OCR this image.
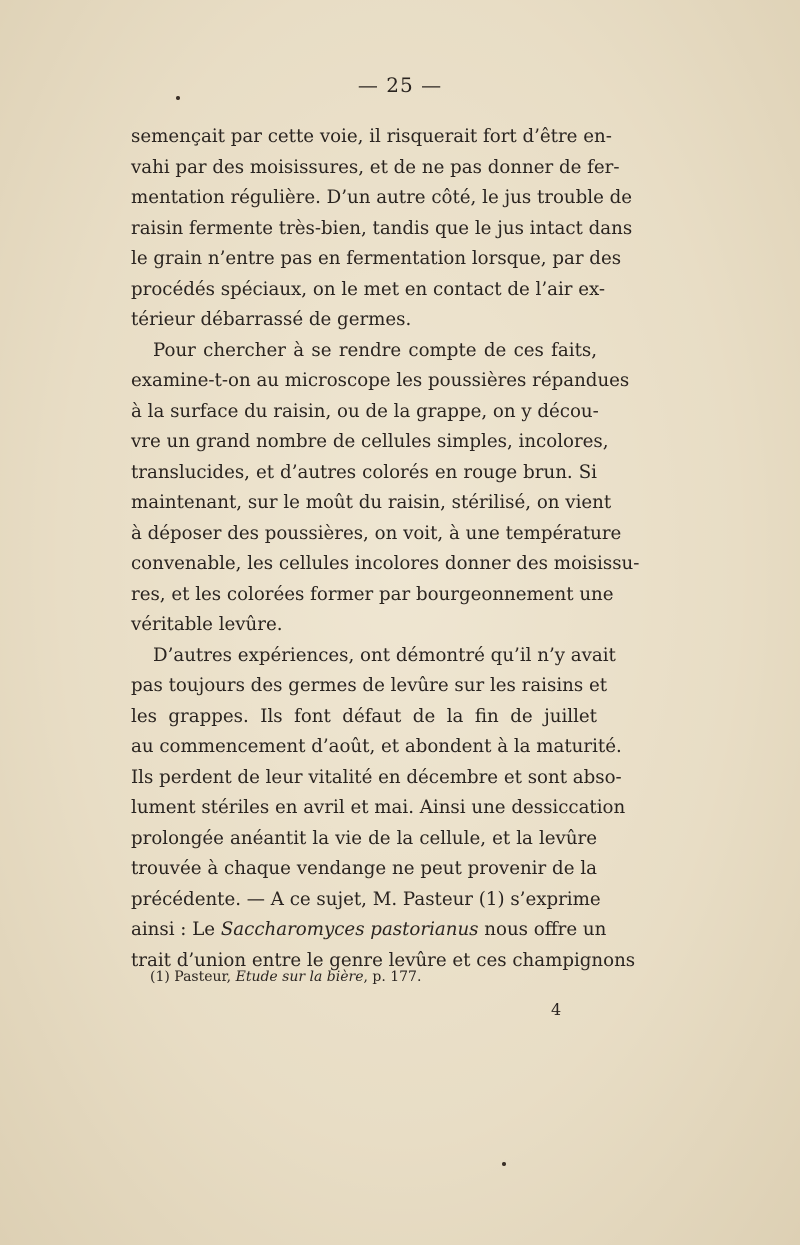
— 25 —
semençait par cette voie, il risquerait fort d’être en-
vahi par des moisissures, et de ne pas donner de fer-
mentation régulière. D’un autre côté, le jus trouble de
raisin fermente très-bien, tandis que le jus intact dans
le grain n’entre pas en fermentation lorsque, par des
procédés spéciaux, on le met en contact de l’air ex-
térieur débarrassé de germes.
Pour chercher à se rendre compte de ces faits,
examine-t-on au microscope les poussières répandues
à la surface du raisin, ou de la grappe, on y décou-
vre un grand nombre de cellules simples, incolores,
translucides, et d’autres colorés en rouge brun. Si
maintenant, sur le moût du raisin, stérilisé, on vient
à déposer des poussières, on voit, à une température
convenable, les cellules incolores donner des moisissu-
res, et les colorées former par bourgeonnement une
véritable levûre.
D’autres expériences, ont démontré qu’il n’y avait
pas toujours des germes de levûre sur les raisins et
les grappes. Ils font défaut de la fin de juillet
au commencement d’août, et abondent à la maturité.
Ils perdent de leur vitalité en décembre et sont abso-
lument stériles en avril et mai. Ainsi une dessiccation
prolongée anéantit la vie de la cellule, et la levûre
trouvée à chaque vendange ne peut provenir de la
précédente. — A ce sujet, M. Pasteur (1) s’exprime
ainsi : Le Saccharomyces pastorianus nous offre un
trait d’union entre le genre levûre et ces champignons
(1) Pasteur, Etude sur la bière, p. 177.
4
